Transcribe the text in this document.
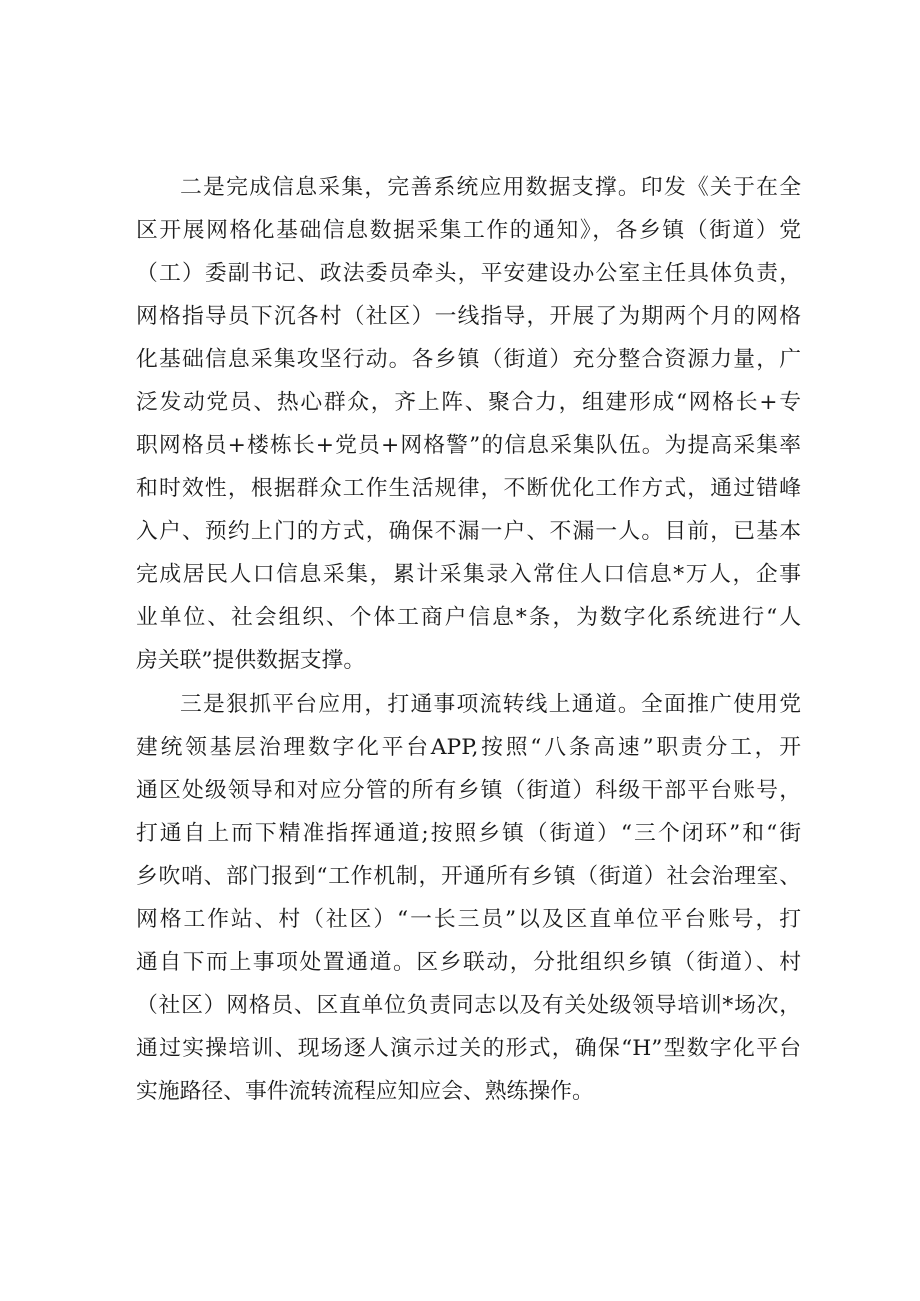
二是完成信息采集，完善系统应用数据支撑。印发《关于在全
区开展网格化基础信息数据采集工作的通知》，各乡镇（街道）党
（工）委副书记、政法委员牵头，平安建设办公室主任具体负责，
网格指导员下沉各村（社区）一线指导，开展了为期两个月的网格
化基础信息采集攻坚行动。各乡镇（街道）充分整合资源力量，广
泛发动党员、热心群众，齐上阵、聚合力，组建形成“网格长+专
职网格员+楼栋长+党员+网格警”的信息采集队伍。为提高采集率
和时效性，根据群众工作生活规律，不断优化工作方式，通过错峰
入户、预约上门的方式，确保不漏一户、不漏一人。目前，已基本
完成居民人口信息采集，累计采集录入常住人口信息*万人，企事
业单位、社会组织、个体工商户信息*条，为数字化系统进行“人
房关联”提供数据支撑。
三是狠抓平台应用，打通事项流转线上通道。全面推广使用党
建统领基层治理数字化平台APP,按照“八条高速”职责分工，开
通区处级领导和对应分管的所有乡镇（街道）科级干部平台账号，
打通自上而下精准指挥通道;按照乡镇（街道）“三个闭环”和“街
乡吹哨、部门报到“工作机制，开通所有乡镇（街道）社会治理室、
网格工作站、村（社区）“一长三员”以及区直单位平台账号，打
通自下而上事项处置通道。区乡联动，分批组织乡镇（街道）、村
（社区）网格员、区直单位负责同志以及有关处级领导培训*场次，
通过实操培训、现场逐人演示过关的形式，确保“H”型数字化平台
实施路径、事件流转流程应知应会、熟练操作。
